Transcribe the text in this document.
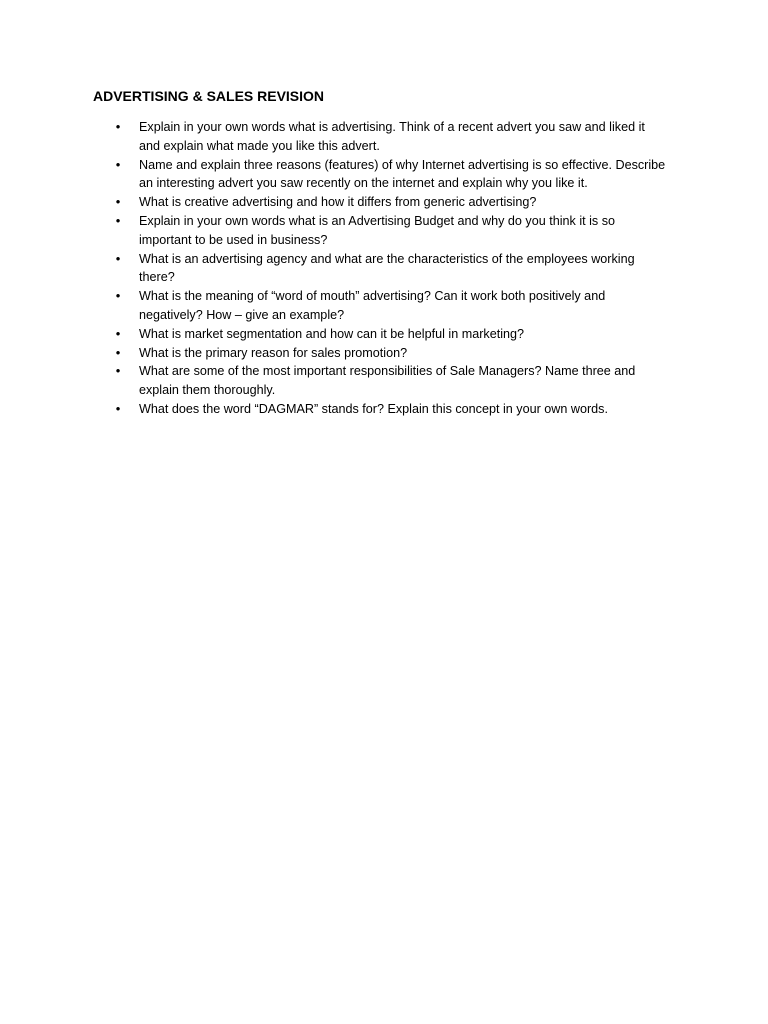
ADVERTISING & SALES REVISION
• Explain in your own words what is advertising. Think of a recent advert you saw and liked it and explain what made you like this advert.
• Name and explain three reasons (features) of why Internet advertising is so effective. Describe an interesting advert you saw recently on the internet and explain why you like it.
• What is creative advertising and how it differs from generic advertising?
• Explain in your own words what is an Advertising Budget and why do you think it is so important to be used in business?
• What is an advertising agency and what are the characteristics of the employees working there?
• What is the meaning of “word of mouth” advertising? Can it work both positively and negatively? How – give an example?
• What is market segmentation and how can it be helpful in marketing?
• What is the primary reason for sales promotion?
• What are some of the most important responsibilities of Sale Managers? Name three and explain them thoroughly.
• What does the word “DAGMAR” stands for? Explain this concept in your own words.
